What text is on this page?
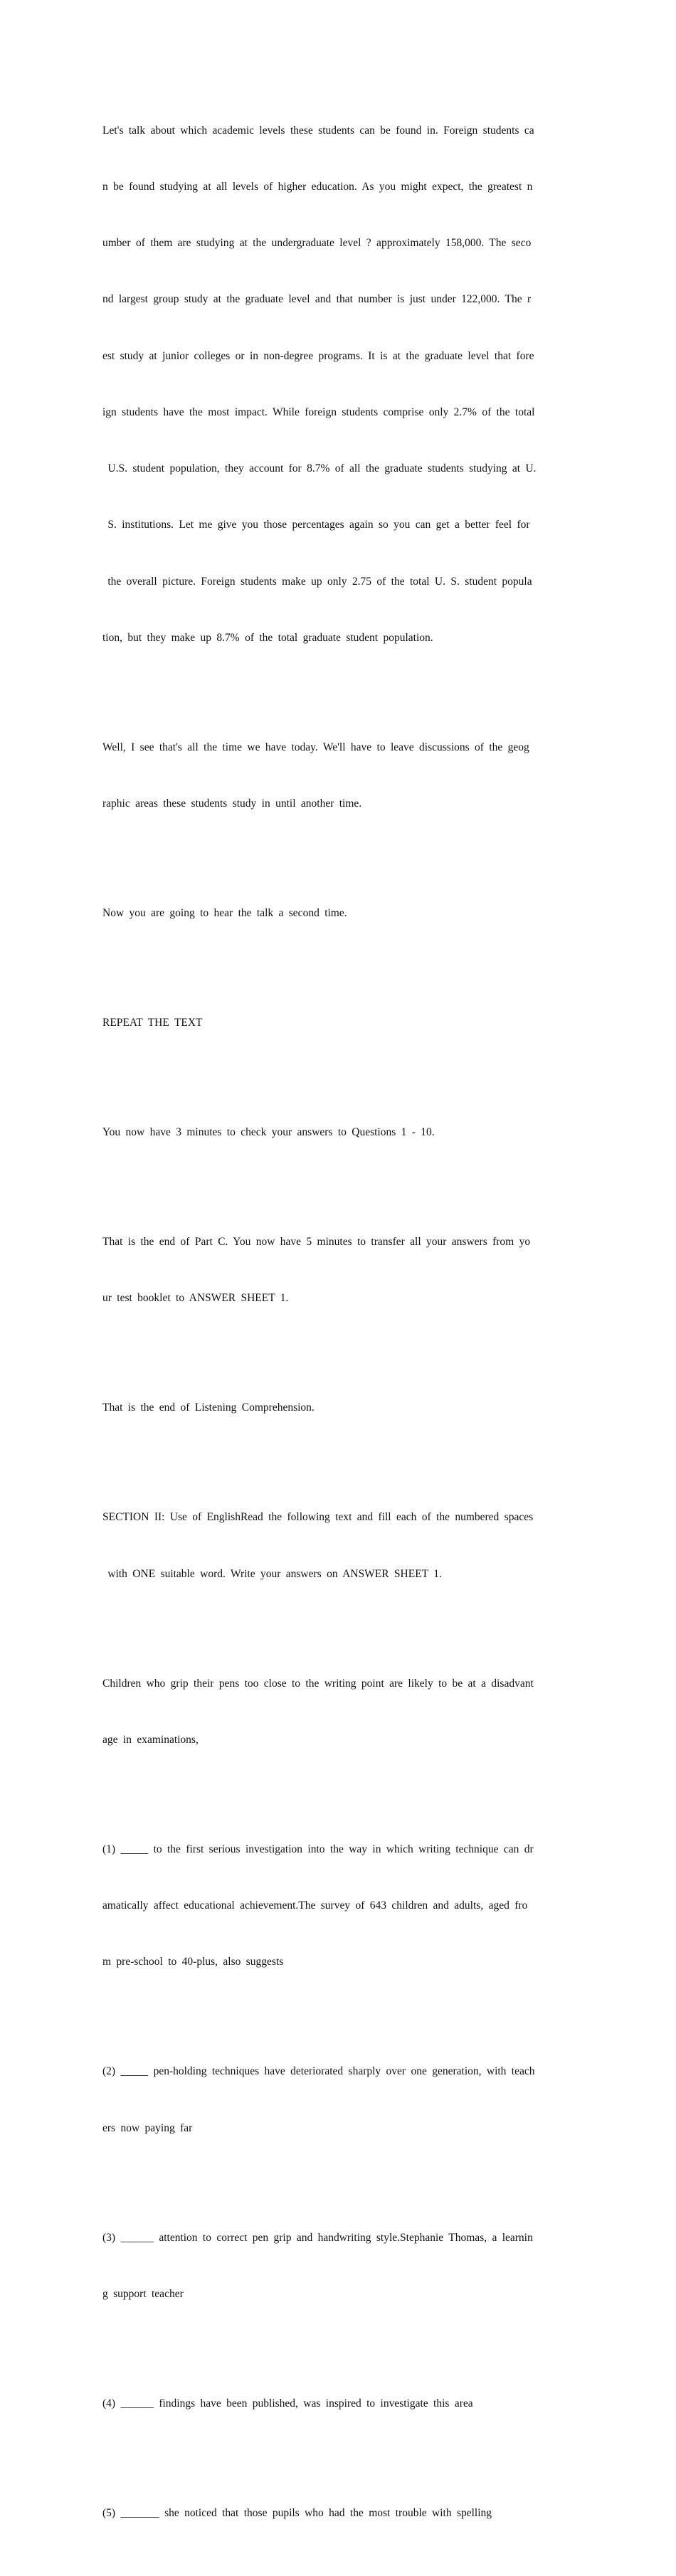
Let's talk about which academic levels these students can be found in. Foreign students ca

n be found studying at all levels of higher education. As you might expect, the greatest n

umber of them are studying at the undergraduate level ? approximately 158,000. The seco

nd largest group study at the graduate level and that number is just under 122,000. The r

est study at junior colleges or in non-degree programs. It is at the graduate level that fore

ign students have the most impact. While foreign students comprise only 2.7% of the total

U.S. student population, they account for 8.7% of all the graduate students studying at U.

S. institutions. Let me give you those percentages again so you can get a better feel for

the overall picture. Foreign students make up only 2.75 of the total U. S. student popula

tion, but they make up 8.7% of the total graduate student population.

Well, I see that's all the time we have today. We'll have to leave discussions of the geog

raphic areas these students study in until another time.

Now you are going to hear the talk a second time.

REPEAT THE TEXT

You now have 3 minutes to check your answers to Questions 1 - 10.

That is the end of Part C. You now have 5 minutes to transfer all your answers from yo

ur test booklet to ANSWER SHEET 1.

That is the end of Listening Comprehension.

SECTION II: Use of EnglishRead the following text and fill each of the numbered spaces

with ONE suitable word. Write your answers on ANSWER SHEET 1.

Children who grip their pens too close to the writing point are likely to be at a disadvant

age in examinations,

(1) _____ to the first serious investigation into the way in which writing technique can dr

amatically affect educational achievement.The survey of 643 children and adults, aged fro

m pre-school to 40-plus, also suggests

(2) _____ pen-holding techniques have deteriorated sharply over one generation, with teach

ers now paying far

(3) ______ attention to correct pen grip and handwriting style.Stephanie Thomas, a learnin

g support teacher

(4) ______ findings have been published, was inspired to investigate this area

(5) _______ she noticed that those pupils who had the most trouble with spelling
